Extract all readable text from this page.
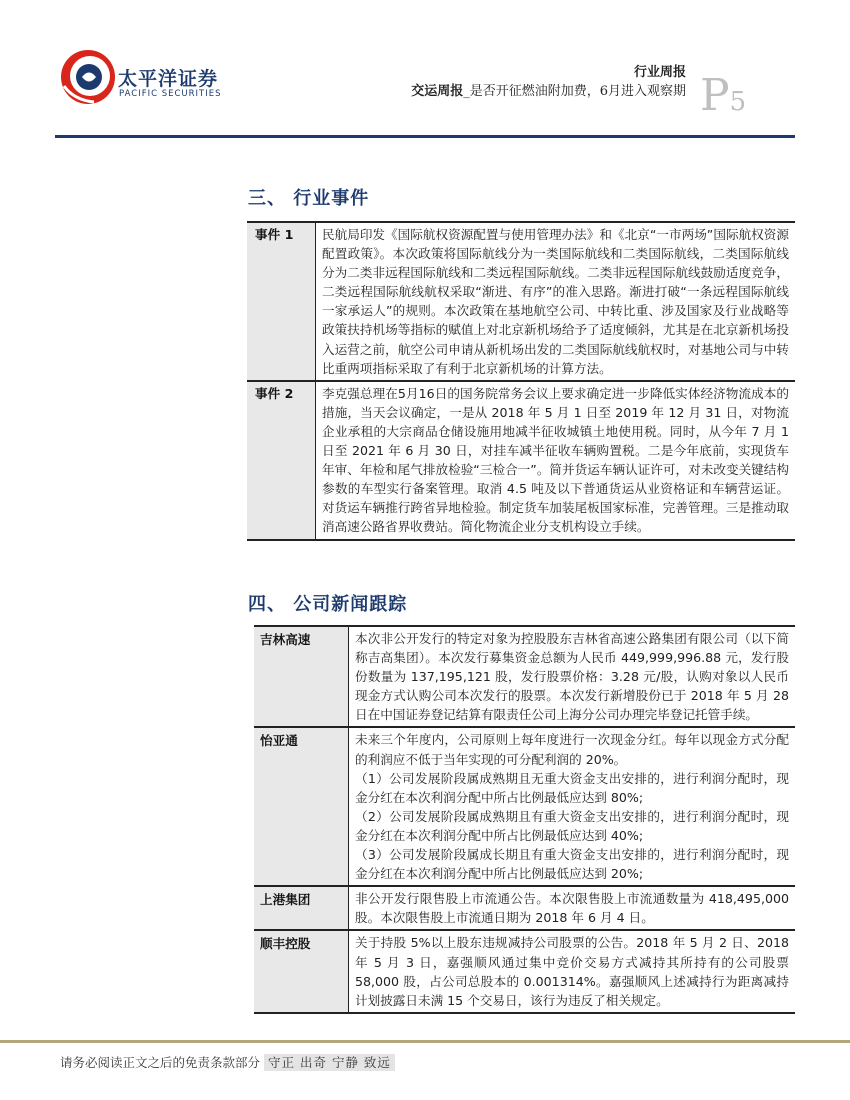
太平洋证券
PACIFIC SECURITIES
行业周报
交运周报_是否开征燃油附加费，6月进入观察期 P5
三、 行业事件
事件 1	民航局印发《国际航权资源配置与使用管理办法》和《北京“一市两场”国际航权资源配置政策》。本次政策将国际航线分为一类国际航线和二类国际航线，二类国际航线分为二类非远程国际航线和二类远程国际航线。二类非远程国际航线鼓励适度竞争，二类远程国际航线航权采取“渐进、有序”的准入思路。渐进打破“一条远程国际航线一家承运人”的规则。本次政策在基地航空公司、中转比重、涉及国家及行业战略等政策扶持机场等指标的赋值上对北京新机场给予了适度倾斜，尤其是在北京新机场投入运营之前，航空公司申请从新机场出发的二类国际航线航权时，对基地公司与中转比重两项指标采取了有利于北京新机场的计算方法。
事件 2	李克强总理在5月16日的国务院常务会议上要求确定进一步降低实体经济物流成本的措施，当天会议确定，一是从 2018 年 5 月 1 日至 2019 年 12 月 31 日，对物流企业承租的大宗商品仓储设施用地减半征收城镇土地使用税。同时，从今年 7 月 1 日至 2021 年 6 月 30 日，对挂车减半征收车辆购置税。二是今年底前，实现货车年审、年检和尾气排放检验“三检合一”。简并货运车辆认证许可，对未改变关键结构参数的车型实行备案管理。取消 4.5 吨及以下普通货运从业资格证和车辆营运证。对货运车辆推行跨省异地检验。制定货车加装尾板国家标准，完善管理。三是推动取消高速公路省界收费站。简化物流企业分支机构设立手续。
四、 公司新闻跟踪
吉林高速	本次非公开发行的特定对象为控股股东吉林省高速公路集团有限公司（以下简称吉高集团）。本次发行募集资金总额为人民币 449,999,996.88 元，发行股份数量为 137,195,121 股，发行股票价格：3.28 元/股，认购对象以人民币现金方式认购公司本次发行的股票。本次发行新增股份已于 2018 年 5 月 28 日在中国证券登记结算有限责任公司上海分公司办理完毕登记托管手续。

怡亚通	未来三个年度内，公司原则上每年度进行一次现金分红。每年以现金方式分配的利润应不低于当年实现的可分配利润的 20%。
（1）公司发展阶段属成熟期且无重大资金支出安排的，进行利润分配时，现金分红在本次利润分配中所占比例最低应达到 80%;
（2）公司发展阶段属成熟期且有重大资金支出安排的，进行利润分配时，现金分红在本次利润分配中所占比例最低应达到 40%;
（3）公司发展阶段属成长期且有重大资金支出安排的，进行利润分配时，现金分红在本次利润分配中所占比例最低应达到 20%;

上港集团	非公开发行限售股上市流通公告。本次限售股上市流通数量为 418,495,000 股。本次限售股上市流通日期为 2018 年 6 月 4 日。

顺丰控股	关于持股 5%以上股东违规减持公司股票的公告。2018 年 5 月 2 日、2018 年 5 月 3 日，嘉强顺风通过集中竞价交易方式减持其所持有的公司股票 58,000 股，占公司总股本的 0.001314%。嘉强顺风上述减持行为距离减持计划披露日未满 15 个交易日，该行为违反了相关规定。
请务必阅读正文之后的免责条款部分 守正 出奇 宁静 致远
